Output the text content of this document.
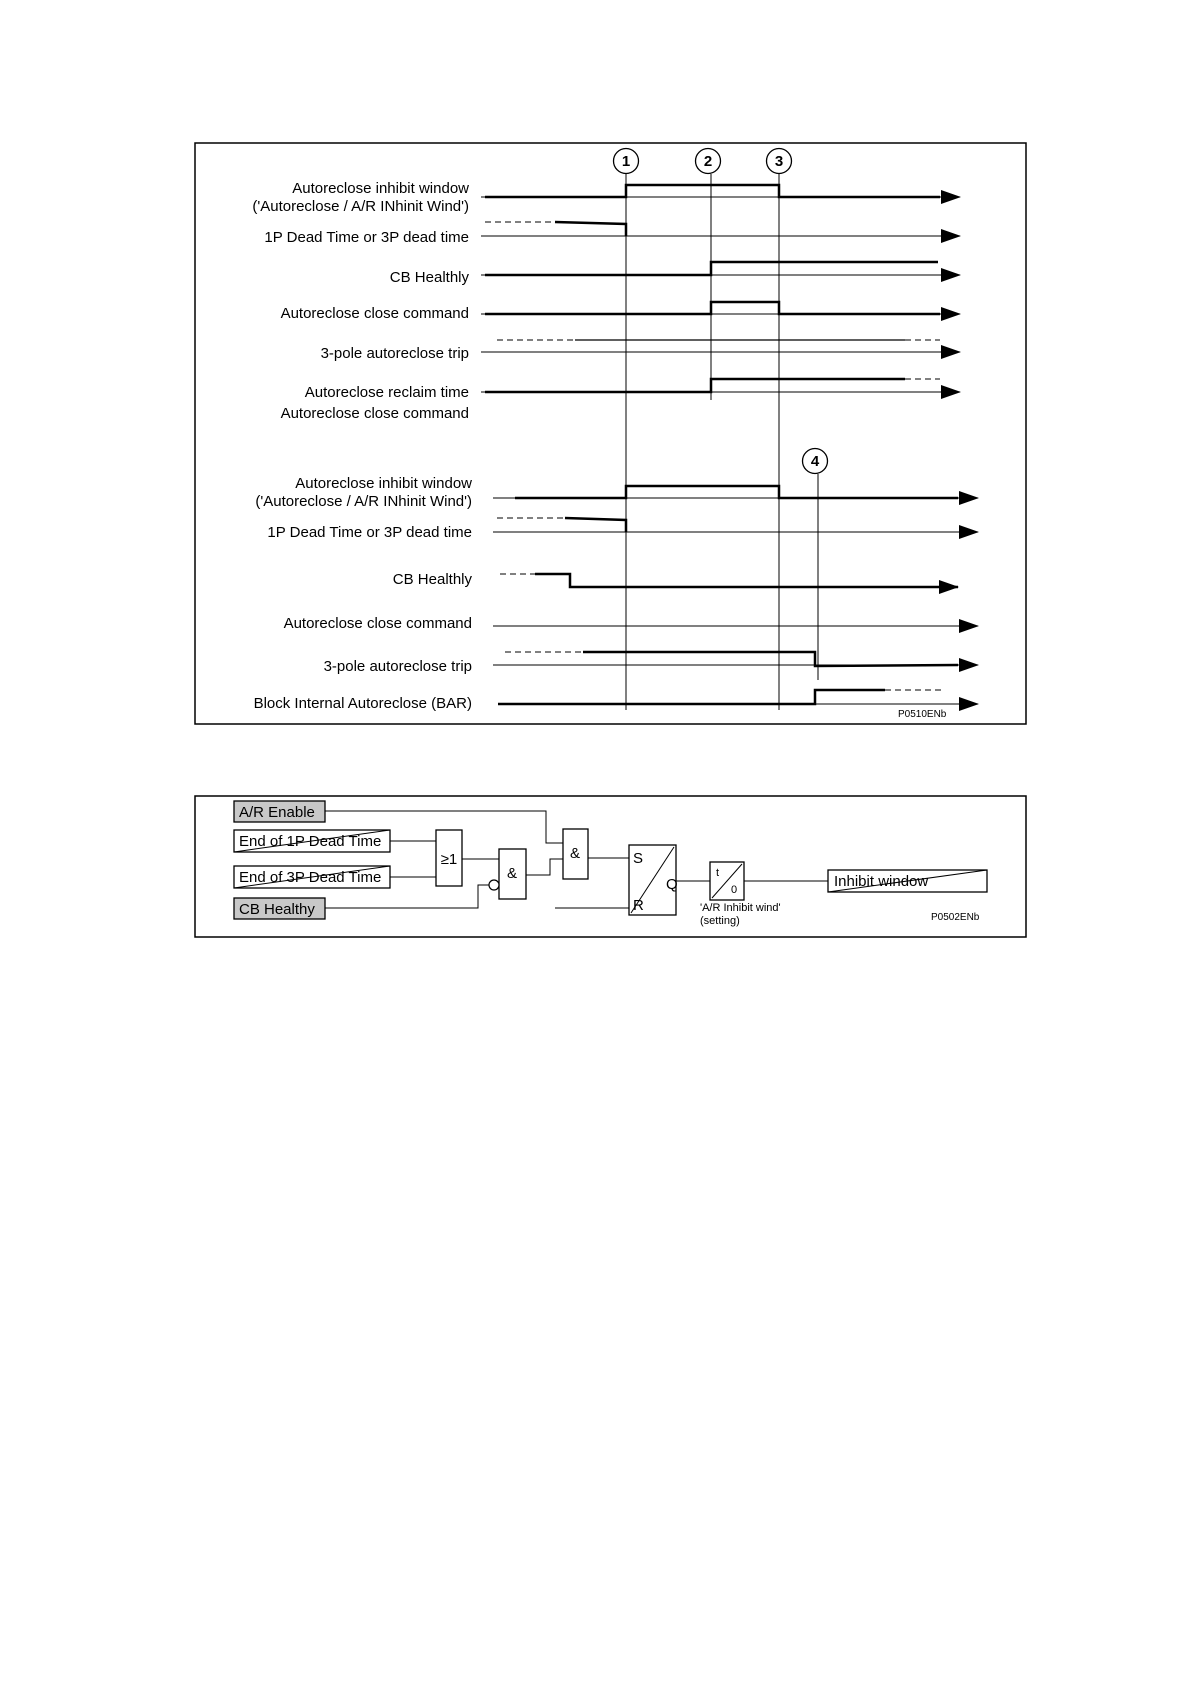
1	2	3
4
Autoreclose inhibit window
('Autoreclose / A/R INhinit Wind')
1P Dead Time or 3P dead time
CB Healthly
Autoreclose close command
3-pole autoreclose trip
Autoreclose reclaim time
Autoreclose close command
Autoreclose inhibit window
('Autoreclose / A/R INhinit Wind')
1P Dead Time or 3P dead time
CB Healthly
Autoreclose close command
3-pole autoreclose trip
Block Internal Autoreclose (BAR)
P0510ENb
A/R Enable
End of 1P Dead Time
End of 3P Dead Time
CB Healthy
≥1
&
&	S
R
Q
t
0
'A/R Inhibit wind'
(setting)
Inhibit window
P0502ENb
